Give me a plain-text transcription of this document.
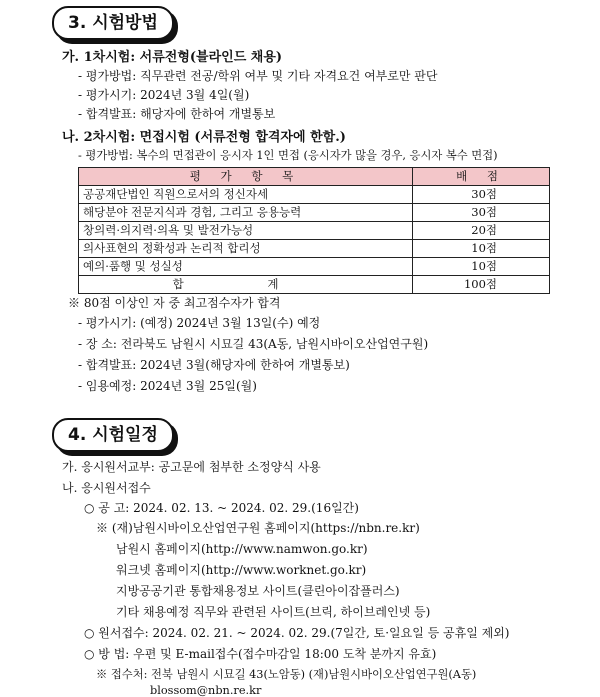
3. 시험방법
가. 1차시험: 서류전형(블라인드 채용)
- 평가방법: 직무관련 전공/학위 여부 및 기타 자격요건 여부로만 판단
- 평가시기: 2024년 3월 4일(월)
- 합격발표: 해당자에 한하여 개별통보
나. 2차시험: 면접시험 (서류전형 합격자에 한함.)
- 평가방법: 복수의 면접관이 응시자 1인 면접 (응시자가 많을 경우, 응시자 복수 면접)
평 가 항 목	배 점
공공재단법인 직원으로서의 정신자세	30점
해당분야 전문지식과 경험, 그리고 응용능력	30점
창의력·의지력·의욕 및 발전가능성	20점
의사표현의 정확성과 논리적 합리성	10점
예의·품행 및 성실성	10점
합 계	100점
※ 80점 이상인 자 중 최고점수자가 합격
- 평가시기: (예정) 2024년 3월 13일(수) 예정
- 장 소: 전라북도 남원시 시묘길 43(A동, 남원시바이오산업연구원)
- 합격발표: 2024년 3월(해당자에 한하여 개별통보)
- 임용예정: 2024년 3월 25일(월)
4. 시험일정
가. 응시원서교부: 공고문에 첨부한 소정양식 사용
나. 응시원서접수
○ 공 고: 2024. 02. 13. ~ 2024. 02. 29.(16일간)
※ (재)남원시바이오산업연구원 홈페이지(https://nbn.re.kr)
남원시 홈페이지(http://www.namwon.go.kr)
워크넷 홈페이지(http://www.worknet.go.kr)
지방공공기관 통합채용정보 사이트(클린아이잡플러스)
기타 채용예정 직무와 관련된 사이트(브릭, 하이브레인넷 등)
○ 원서접수: 2024. 02. 21. ~ 2024. 02. 29.(7일간, 토·일요일 등 공휴일 제외)
○ 방 법: 우편 및 E-mail접수(접수마감일 18:00 도착 분까지 유효)
※ 접수처: 전북 남원시 시묘길 43(노암동) (재)남원시바이오산업연구원(A동)
blossom@nbn.re.kr
